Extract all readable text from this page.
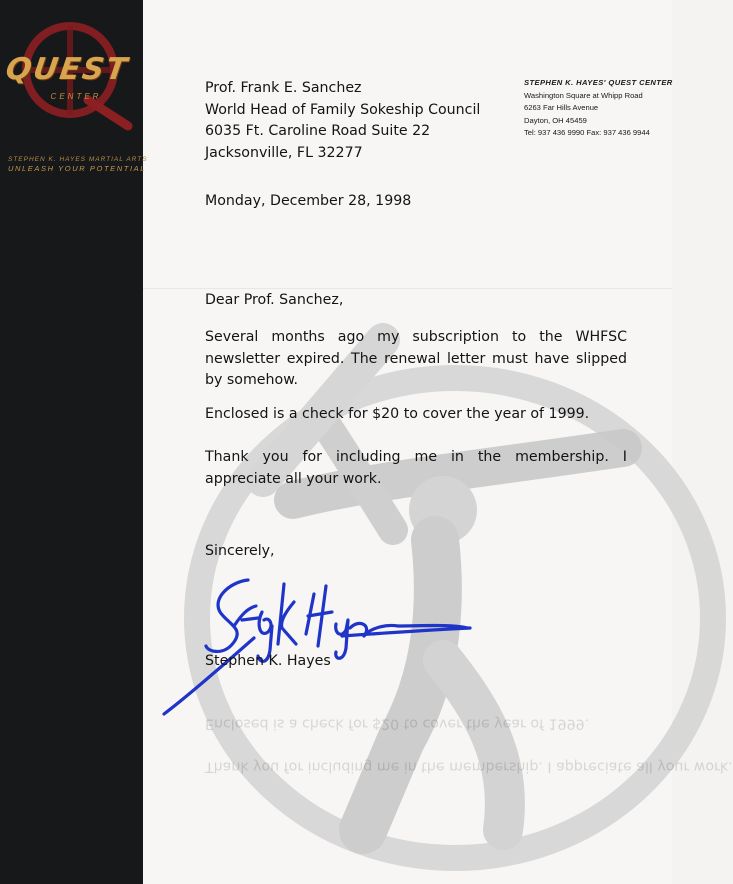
QUEST
CENTER
STEPHEN K. HAYES MARTIAL ARTS
UNLEASH YOUR POTENTIAL
STEPHEN K. HAYES' QUEST CENTER
Washington Square at Whipp Road
6263 Far Hills Avenue
Dayton, OH 45459
Tel: 937 436 9990 Fax: 937 436 9944
Prof. Frank E. Sanchez
World Head of Family Sokeship Council
6035 Ft. Caroline Road Suite 22
Jacksonville, FL 32277
Monday, December 28, 1998
Dear Prof. Sanchez,
Several months ago my subscription to the WHFSC newsletter expired. The renewal letter must have slipped by somehow.
Enclosed is a check for $20 to cover the year of 1999.
Thank you for including me in the membership. I appreciate all your work.
Sincerely,
Stephen K. Hayes
Thank you for including me in the membership. I appreciate all your work.

Enclosed is a check for $20 to cover the year of 1999.
